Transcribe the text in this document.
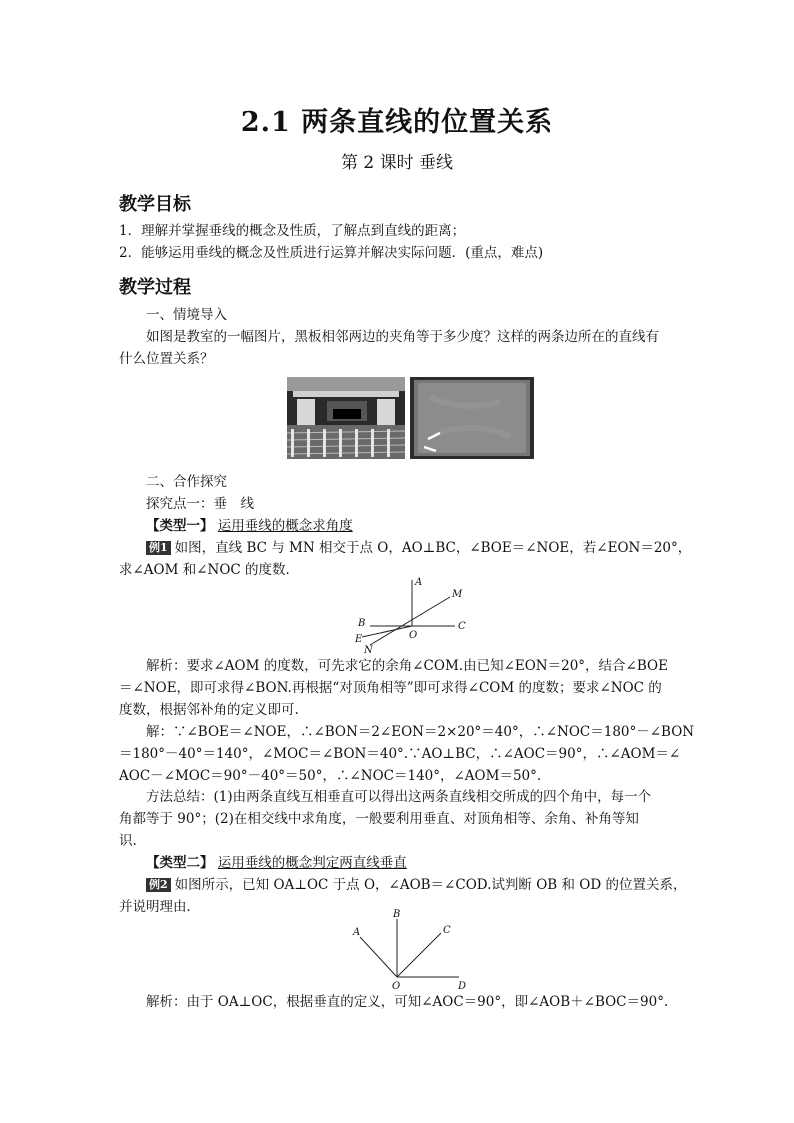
2.1 两条直线的位置关系
第 2 课时 垂线
教学目标
1．理解并掌握垂线的概念及性质，了解点到直线的距离；
2．能够运用垂线的概念及性质进行运算并解决实际问题．(重点，难点)
教学过程
一、情境导入
如图是教室的一幅图片，黑板相邻两边的夹角等于多少度？这样的两条边所在的直线有
什么位置关系？
二、合作探究
探究点一：垂　线
【类型一】 运用垂线的概念求角度
例1 如图，直线 BC 与 MN 相交于点 O，AO⊥BC，∠BOE＝∠NOE，若∠EON＝20°，
求∠AOM 和∠NOC 的度数．
A
M
B
O
C
E
N
解析：要求∠AOM 的度数，可先求它的余角∠COM.由已知∠EON＝20°，结合∠BOE
＝∠NOE，即可求得∠BON.再根据“对顶角相等”即可求得∠COM 的度数；要求∠NOC 的
度数，根据邻补角的定义即可.
解：∵∠BOE＝∠NOE，∴∠BON＝2∠EON＝2×20°＝40°，∴∠NOC＝180°－∠BON
＝180°－40°＝140°，∠MOC＝∠BON＝40°.∵AO⊥BC，∴∠AOC＝90°，∴∠AOM＝∠
AOC－∠MOC＝90°－40°＝50°，∴∠NOC＝140°，∠AOM＝50°.
方法总结：(1)由两条直线互相垂直可以得出这两条直线相交所成的四个角中，每一个
角都等于 90°；(2)在相交线中求角度，一般要利用垂直、对顶角相等、余角、补角等知
识.
【类型二】 运用垂线的概念判定两直线垂直
例2 如图所示，已知 OA⊥OC 于点 O，∠AOB＝∠COD.试判断 OB 和 OD 的位置关系，
并说明理由．	B
A	C
O	D
解析：由于 OA⊥OC，根据垂直的定义，可知∠AOC＝90°，即∠AOB＋∠BOC＝90°.
